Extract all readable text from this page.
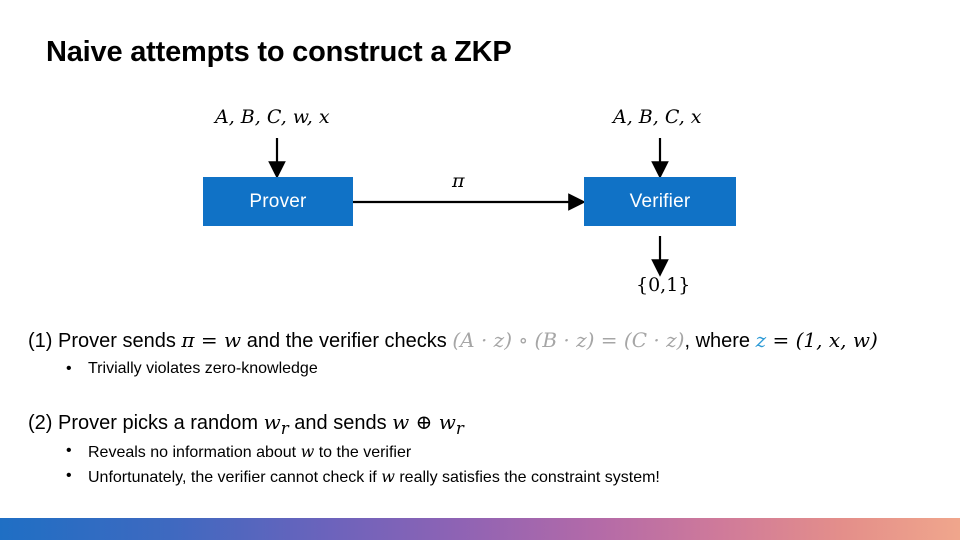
Naive attempts to construct a ZKP
A, B, C, w, x	A, B, C, x
Prover	Verifier
π
{0,1}
(1) Prover sends π = w and the verifier checks (A · z) ∘ (B · z) = (C · z), where z = (1, x, w)
• Trivially violates zero-knowledge
(2) Prover picks a random $w_r$ and sends w ⊕ $w_r$
• Reveals no information about w to the verifier
• Unfortunately, the verifier cannot check if w really satisfies the constraint system!
